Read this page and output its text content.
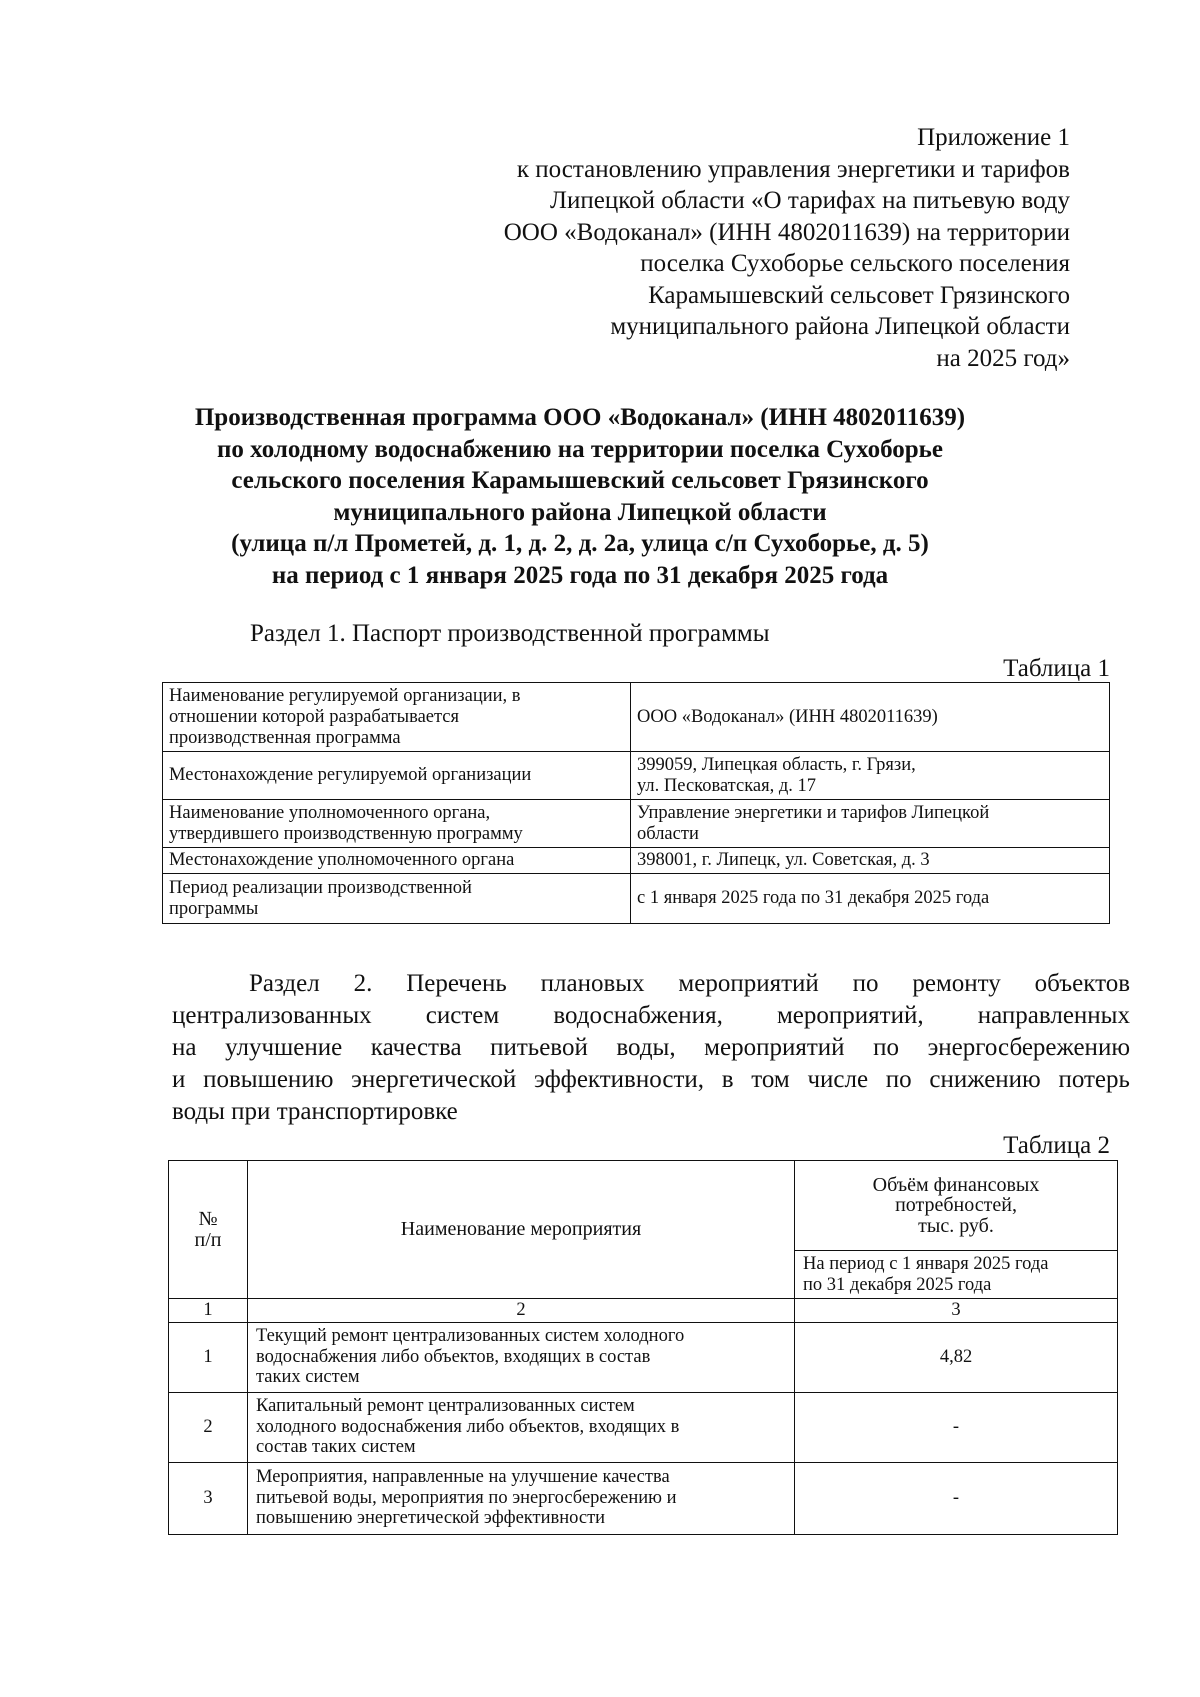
Приложение 1
к постановлению управления энергетики и тарифов
Липецкой области «О тарифах на питьевую воду
ООО «Водоканал» (ИНН 4802011639) на территории
поселка Сухоборье сельского поселения
Карамышевский сельсовет Грязинского
муниципального района Липецкой области
на 2025 год»
Производственная программа ООО «Водоканал» (ИНН 4802011639)
по холодному водоснабжению на территории поселка Сухоборье
сельского поселения Карамышевский сельсовет Грязинского
муниципального района Липецкой области
(улица п/л Прометей, д. 1, д. 2, д. 2а, улица с/п Сухоборье, д. 5)
на период с 1 января 2025 года по 31 декабря 2025 года
Раздел 1. Паспорт производственной программы
Таблица 1
Наименование регулируемой организации, в
отношении которой разрабатывается
производственная программа	ООО «Водоканал» (ИНН 4802011639)

Местонахождение регулируемой организации	399059, Липецкая область, г. Грязи,
ул. Песковатская, д. 17

Наименование уполномоченного органа,
утвердившего производственную программу	Управление энергетики и тарифов Липецкой
области

Местонахождение уполномоченного органа	398001, г. Липецк, ул. Советская, д. 3

Период реализации производственной
программы	с 1 января 2025 года по 31 декабря 2025 года
Раздел 2. Перечень плановых мероприятий по ремонту объектов
централизованных систем водоснабжения, мероприятий, направленных
на улучшение качества питьевой воды, мероприятий по энергосбережению
и повышению энергетической эффективности, в том числе по снижению потерь
воды при транспортировке
Таблица 2
№
п/п	Наименование мероприятия	Объём финансовых
потребностей,
тыс. руб.

		На период с 1 января 2025 года
по 31 декабря 2025 года

1	2	3
1	Текущий ремонт централизованных систем холодного
водоснабжения либо объектов, входящих в состав
таких систем	4,82
2	Капитальный ремонт централизованных систем
холодного водоснабжения либо объектов, входящих в
состав таких систем	-
3	Мероприятия, направленные на улучшение качества
питьевой воды, мероприятия по энергосбережению и
повышению энергетической эффективности	-
